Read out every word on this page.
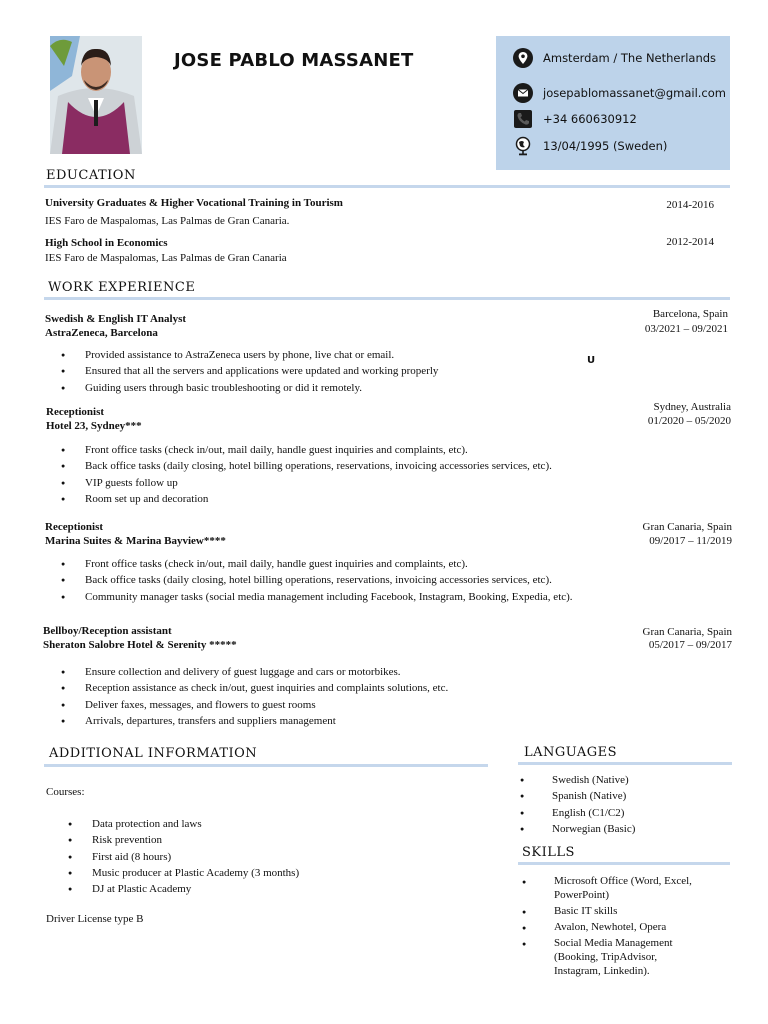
JOSE PABLO MASSANET	Amsterdam / The Netherlands
josepablomassanet@gmail.com
+34 660630912
13/04/1995 (Sweden)
EDUCATION
University Graduates & Higher Vocational Training in Tourism
IES Faro de Maspalomas, Las Palmas de Gran Canaria.
2014-2016
High School in Economics
IES Faro de Maspalomas, Las Palmas de Gran Canaria
2012-2014
WORK EXPERIENCE
Swedish & English IT Analyst
AstraZeneca, Barcelona
Barcelona, Spain
03/2021 – 09/2021
● Provided assistance to AstraZeneca users by phone, live chat or email.
● Ensured that all the servers and applications were updated and working properly
● Guiding users through basic troubleshooting or did it remotely.
U
Receptionist
Hotel 23, Sydney***
Sydney, Australia
01/2020 – 05/2020
● Front office tasks (check in/out, mail daily, handle guest inquiries and complaints, etc).
● Back office tasks (daily closing, hotel billing operations, reservations, invoicing accessories services, etc).
● VIP guests follow up
● Room set up and decoration
Receptionist
Marina Suites & Marina Bayview****
Gran Canaria, Spain
09/2017 – 11/2019
● Front office tasks (check in/out, mail daily, handle guest inquiries and complaints, etc).
● Back office tasks (daily closing, hotel billing operations, reservations, invoicing accessories services, etc).
● Community manager tasks (social media management including Facebook, Instagram, Booking, Expedia, etc).
Bellboy/Reception assistant
Sheraton Salobre Hotel & Serenity *****
Gran Canaria, Spain
05/2017 – 09/2017
● Ensure collection and delivery of guest luggage and cars or motorbikes.
● Reception assistance as check in/out, guest inquiries and complaints solutions, etc.
● Deliver faxes, messages, and flowers to guest rooms
● Arrivals, departures, transfers and suppliers management
ADDITIONAL INFORMATION
Courses:
● Data protection and laws
● Risk prevention
● First aid (8 hours)
● Music producer at Plastic Academy (3 months)
● DJ at Plastic Academy
Driver License type B
LANGUAGES
● Swedish (Native)
● Spanish (Native)
● English (C1/C2)
● Norwegian (Basic)
SKILLS
● Microsoft Office (Word, Excel,
PowerPoint)
● Basic IT skills
● Avalon, Newhotel, Opera
● Social Media Management
(Booking, TripAdvisor,
Instagram, Linkedin).
